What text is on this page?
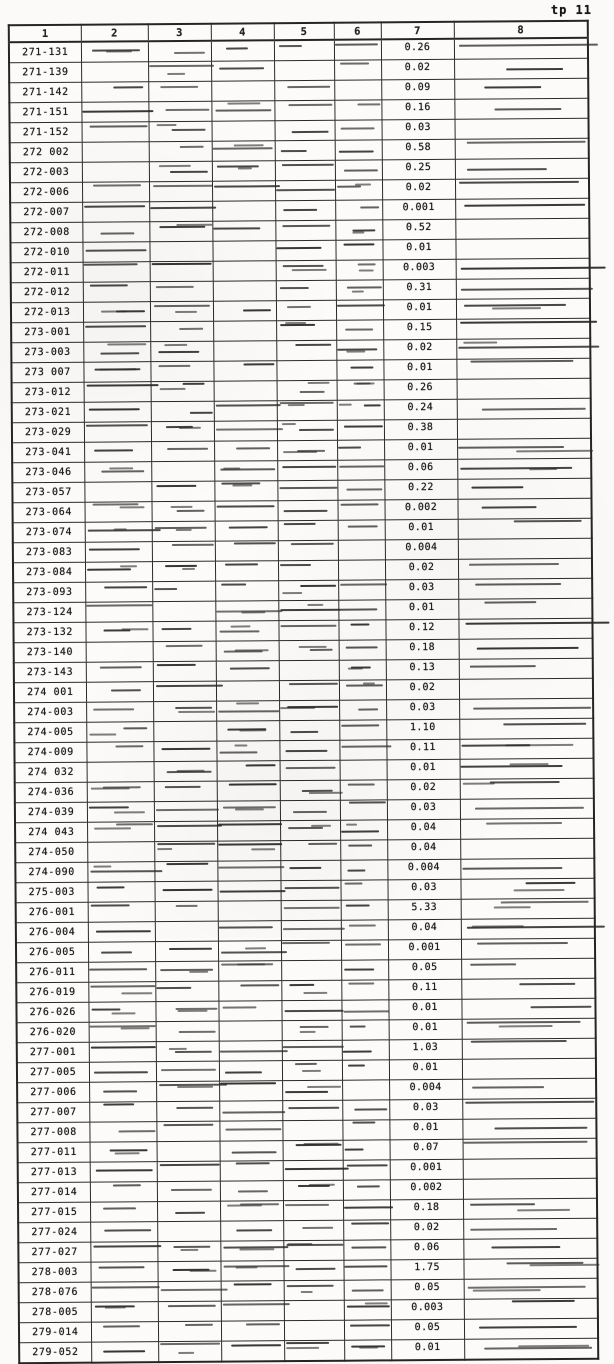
tp 11
1	2	3	4	5	6	7	8
271-131						0.26	

271-139						0.02	

271-142						0.09	

271-151						0.16	

271-152						0.03	
272 002						0.58	

272-003						0.25	

272-006						0.02	

272-007						0.001	

272-008						0.52	
272-010						0.01	
272-011						0.003	

272-012						0.31	

272-013						0.01	

273-001						0.15	

273-003						0.02	

273 007						0.01	

273-012						0.26	
273-021						0.24	

273-029						0.38	
273-041						0.01	

273-046						0.06	

273-057						0.22	

273-064						0.002	

273-074						0.01	

273-083						0.004	
273-084						0.02	

273-093						0.03	

273-124						0.01	

273-132						0.12	

273-140						0.18	

273-143						0.13	

274 001						0.02	
274-003						0.03	

274-005						1.10	

274-009						0.11	

274 032						0.01	

274-036						0.02	

274-039						0.03	

274 043						0.04	

274-050						0.04	
274-090						0.004	

275-003						0.03	

276-001						5.33	

276-004						0.04	

276-005						0.001	

276-011						0.05	

276-019						0.11	

276-026						0.01	

276-020						0.01	

277-001						1.03	

277-005						0.01	
277-006						0.004	

277-007						0.03	

277-008						0.01	

277-011						0.07	

277-013						0.001	
277-014						0.002	
277-015						0.18	

277-024						0.02	

277-027						0.06	

278-003						1.75	

278-076						0.05	

278-005						0.003	

279-014						0.05	

279-052						0.01	
